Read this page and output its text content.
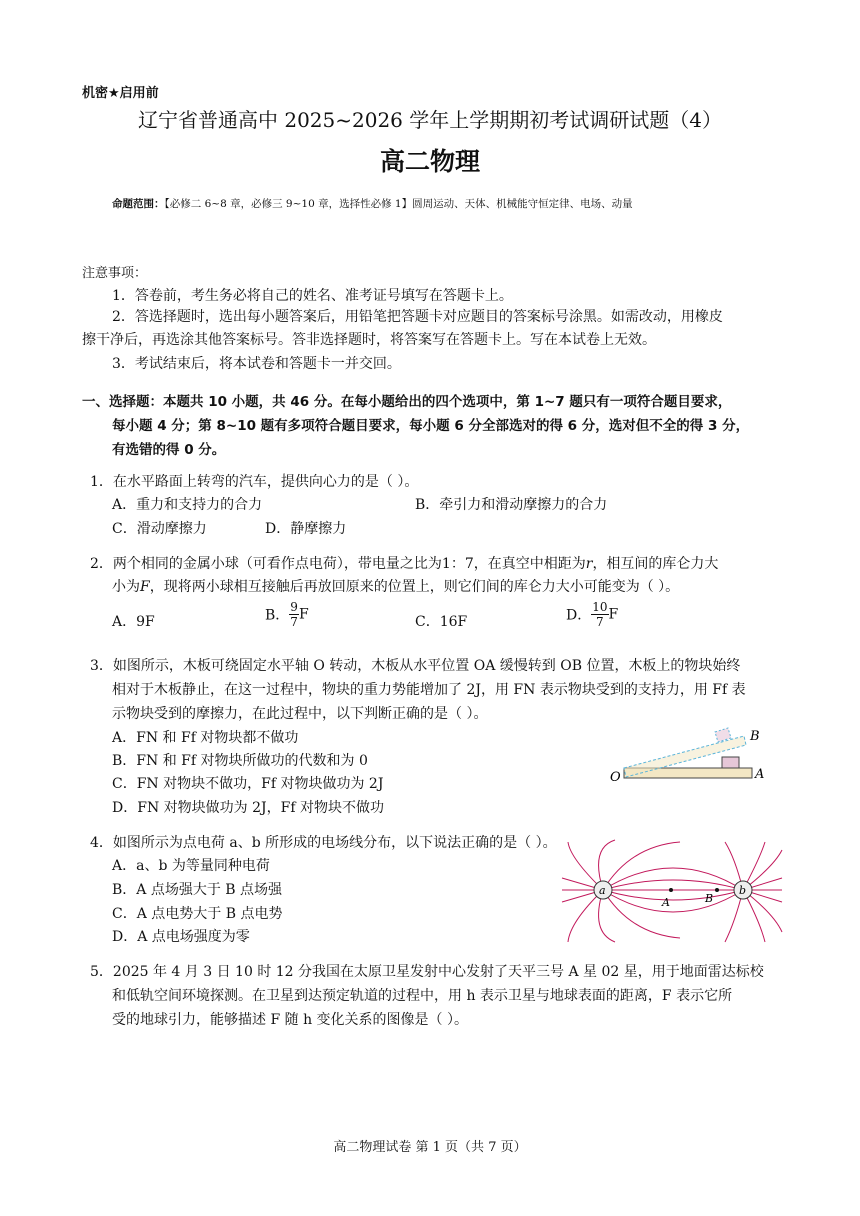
机密★启用前
辽宁省普通高中 2025~2026 学年上学期期初考试调研试题（4）
高二物理
命题范围：【必修二 6~8 章，必修三 9~10 章，选择性必修 1】圆周运动、天体、机械能守恒定律、电场、动量
注意事项：
1．答卷前，考生务必将自己的姓名、准考证号填写在答题卡上。
2．答选择题时，选出每小题答案后，用铅笔把答题卡对应题目的答案标号涂黑。如需改动，用橡皮
擦干净后，再选涂其他答案标号。答非选择题时，将答案写在答题卡上。写在本试卷上无效。
3．考试结束后，将本试卷和答题卡一并交回。
一、选择题：本题共 10 小题，共 46 分。在每小题给出的四个选项中，第 1~7 题只有一项符合题目要求，
每小题 4 分；第 8~10 题有多项符合题目要求，每小题 6 分全部选对的得 6 分，选对但不全的得 3 分，
有选错的得 0 分。
1．在水平路面上转弯的汽车，提供向心力的是（ ）。
A．重力和支持力的合力	B．牵引力和滑动摩擦力的合力
C．滑动摩擦力	D．静摩擦力
2．两个相同的金属小球（可看作点电荷），带电量之比为1：7，在真空中相距为r，相互间的库仑力大
小为F，现将两小球相互接触后再放回原来的位置上，则它们间的库仑力大小可能变为（ ）。
A．9F	B． $\frac{9}{7}$ F	C．16F	D． $\frac{10}{7}$ F
3．如图所示，木板可绕固定水平轴 O 转动，木板从水平位置 OA 缓慢转到 OB 位置，木板上的物块始终
相对于木板静止，在这一过程中，物块的重力势能增加了 2J，用 FN 表示物块受到的支持力，用 Ff 表
示物块受到的摩擦力，在此过程中，以下判断正确的是（ ）。
A．FN 和 Ff 对物块都不做功
B．FN 和 Ff 对物块所做功的代数和为 0
C．FN 对物块不做功，Ff 对物块做功为 2J
D．FN 对物块做功为 2J，Ff 对物块不做功
O	A
B
4．如图所示为点电荷 a、b 所形成的电场线分布，以下说法正确的是（ ）。
A．a、b 为等量同种电荷
B．A 点场强大于 B 点场强
C．A 点电势大于 B 点电势
D．A 点电场强度为零
a	b
A	B
5．2025 年 4 月 3 日 10 时 12 分我国在太原卫星发射中心发射了天平三号 A 星 02 星，用于地面雷达标校
和低轨空间环境探测。在卫星到达预定轨道的过程中，用 h 表示卫星与地球表面的距离，F 表示它所
受的地球引力，能够描述 F 随 h 变化关系的图像是（ ）。
高二物理试卷 第 1 页（共 7 页）
